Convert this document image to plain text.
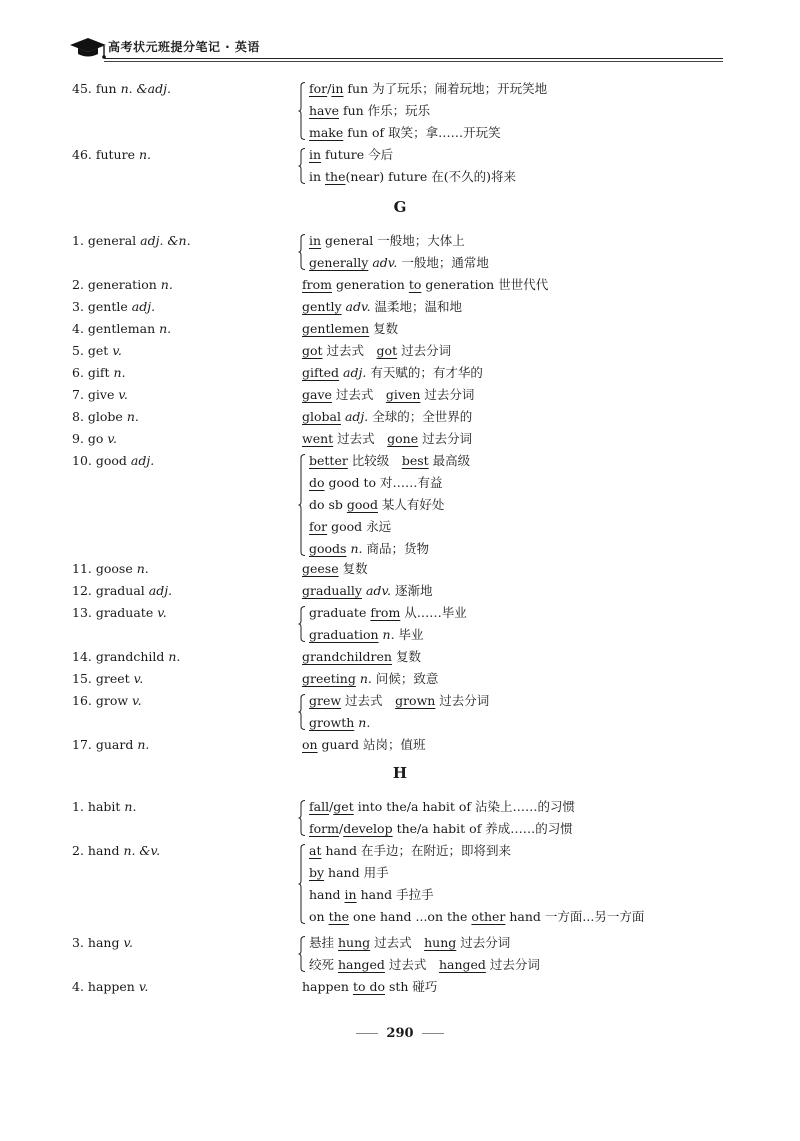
高考状元班提分笔记 · 英语
45. fun n. &adj.	for/in fun 为了玩乐；闹着玩地；开玩笑地
have fun 作乐；玩乐
make fun of 取笑；拿……开玩笑
46. future n.	in future 今后
in the(near) future 在(不久的)将来
G
1. general adj. &n.	in general 一般地；大体上
generally adv. 一般地；通常地
2. generation n.	from generation to generation 世世代代
3. gentle adj.	gently adv. 温柔地；温和地
4. gentleman n.	gentlemen 复数
5. get v.	got 过去式　got 过去分词
6. gift n.	gifted adj. 有天赋的；有才华的
7. give v.	gave 过去式　given 过去分词
8. globe n.	global adj. 全球的；全世界的
9. go v.	went 过去式　gone 过去分词
10. good adj.	better 比较级　best 最高级
do good to 对……有益
do sb good 某人有好处
for good 永远
goods n. 商品；货物
11. goose n.	geese 复数
12. gradual adj.	gradually adv. 逐渐地
13. graduate v.	graduate from 从……毕业
graduation n. 毕业
14. grandchild n.	grandchildren 复数
15. greet v.	greeting n. 问候；致意
16. grow v.	grew 过去式　grown 过去分词
growth n.
17. guard n.	on guard 站岗；值班
H
1. habit n.	fall/get into the/a habit of 沾染上……的习惯
form/develop the/a habit of 养成……的习惯
2. hand n. &v.	at hand 在手边；在附近；即将到来
by hand 用手
hand in hand 手拉手
on the one hand ...on the other hand 一方面...另一方面
3. hang v.	悬挂 hung 过去式　hung 过去分词
绞死 hanged 过去式　hanged 过去分词
4. happen v.	happen to do sth 碰巧
290
